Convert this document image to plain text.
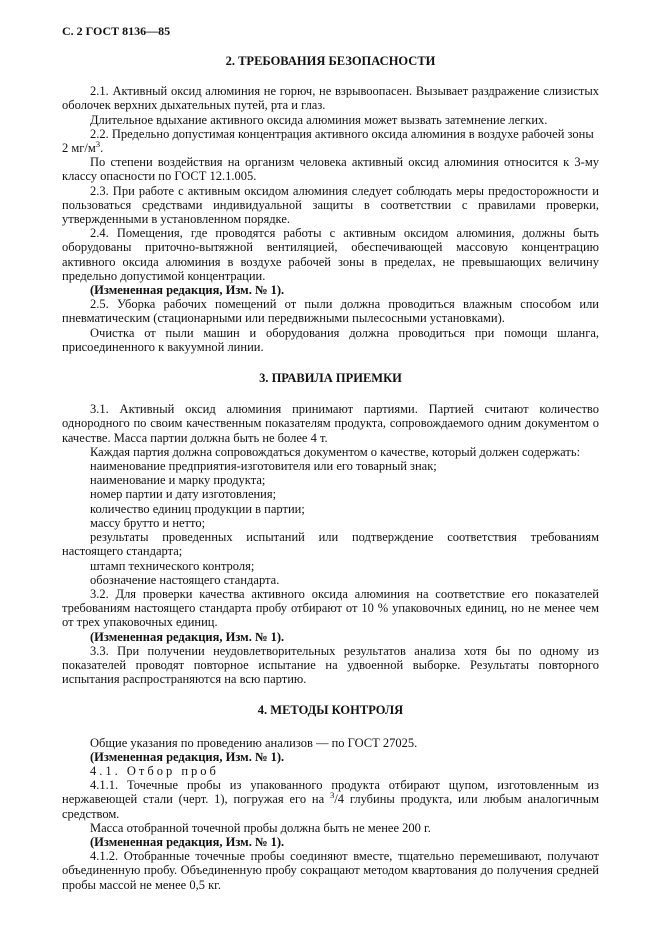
С. 2 ГОСТ 8136—85
2. ТРЕБОВАНИЯ БЕЗОПАСНОСТИ

2.1. Активный оксид алюминия не горюч, не взрывоопасен. Вызывает раздражение слизистых оболочек верхних дыхательных путей, рта и глаз.

Длительное вдыхание активного оксида алюминия может вызвать затемнение легких.

2.2. Предельно допустимая концентрация активного оксида алюминия в воздухе рабочей зоны

2 $мг/м^3$.

По степени воздействия на организм человека активный оксид алюминия относится к 3-му классу опасности по ГОСТ 12.1.005.

2.3. При работе с активным оксидом алюминия следует соблюдать меры предосторожности и пользоваться средствами индивидуальной защиты в соответствии с правилами проверки, утвержденными в установленном порядке.

2.4. Помещения, где проводятся работы с активным оксидом алюминия, должны быть оборудованы приточно-вытяжной вентиляцией, обеспечивающей массовую концентрацию активного оксида алюминия в воздухе рабочей зоны в пределах, не превышающих величину предельно допустимой концентрации.

(Измененная редакция, Изм. № 1).

2.5. Уборка рабочих помещений от пыли должна проводиться влажным способом или пневматическим (стационарными или передвижными пылесосными установками).

Очистка от пыли машин и оборудования должна проводиться при помощи шланга, присоединенного к вакуумной линии.

3. ПРАВИЛА ПРИЕМКИ

3.1. Активный оксид алюминия принимают партиями. Партией считают количество однородного по своим качественным показателям продукта, сопровождаемого одним документом о качестве. Масса партии должна быть не более 4 т.

Каждая партия должна сопровождаться документом о качестве, который должен содержать:

наименование предприятия-изготовителя или его товарный знак;

наименование и марку продукта;

номер партии и дату изготовления;

количество единиц продукции в партии;

массу брутто и нетто;

результаты проведенных испытаний или подтверждение соответствия требованиям настоящего стандарта;

штамп технического контроля;

обозначение настоящего стандарта.

3.2. Для проверки качества активного оксида алюминия на соответствие его показателей требованиям настоящего стандарта пробу отбирают от 10 % упаковочных единиц, но не менее чем от трех упаковочных единиц.

(Измененная редакция, Изм. № 1).

3.3. При получении неудовлетворительных результатов анализа хотя бы по одному из показателей проводят повторное испытание на удвоенной выборке. Результаты повторного испытания распространяются на всю партию.

4. МЕТОДЫ КОНТРОЛЯ

Общие указания по проведению анализов — по ГОСТ 27025.

(Измененная редакция, Изм. № 1).

4.1. Отбор проб

4.1.1. Точечные пробы из упакованного продукта отбирают щупом, изготовленным из нержавеющей стали (черт. 1), погружая его на $^3$/4 глубины продукта, или любым аналогичным средством.

Масса отобранной точечной пробы должна быть не менее 200 г.

(Измененная редакция, Изм. № 1).

4.1.2. Отобранные точечные пробы соединяют вместе, тщательно перемешивают, получают объединенную пробу. Объединенную пробу сокращают методом квартования до получения средней пробы массой не менее 0,5 кг.
